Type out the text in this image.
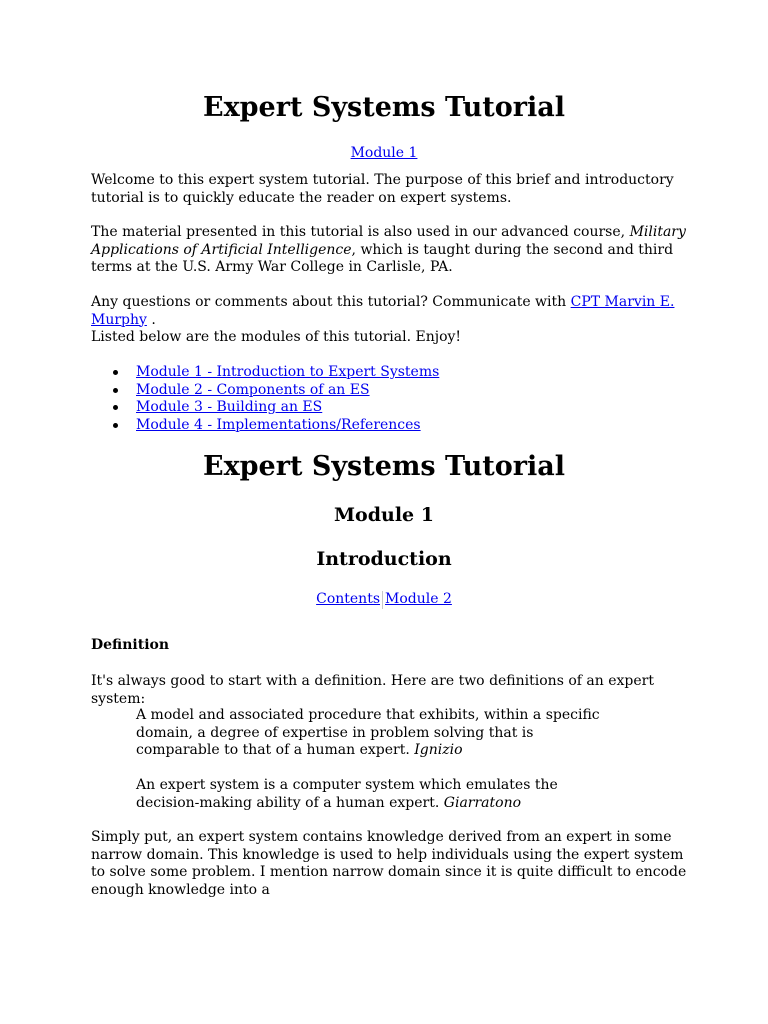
Expert Systems Tutorial
Module 1

Welcome to this expert system tutorial. The purpose of this brief and introductory tutorial is to quickly educate the reader on expert systems.

The material presented in this tutorial is also used in our advanced course, Military Applications of Artificial Intelligence, which is taught during the second and third terms at the U.S. Army War College in Carlisle, PA.

Any questions or comments about this tutorial? Communicate with CPT Marvin E. Murphy .

Listed below are the modules of this tutorial. Enjoy!

Module 1 - Introduction to Expert Systems
Module 2 - Components of an ES
Module 3 - Building an ES
Module 4 - Implementations/References
Expert Systems Tutorial
Module 1
Introduction
Contents Module 2
Definition

It's always good to start with a definition. Here are two definitions of an expert system:

A model and associated procedure that exhibits, within a specific domain, a degree of expertise in problem solving that is comparable to that of a human expert. Ignizio

An expert system is a computer system which emulates the decision-making ability of a human expert. Giarratono

Simply put, an expert system contains knowledge derived from an expert in some narrow domain. This knowledge is used to help individuals using the expert system to solve some problem. I mention narrow domain since it is quite difficult to encode enough knowledge into a
